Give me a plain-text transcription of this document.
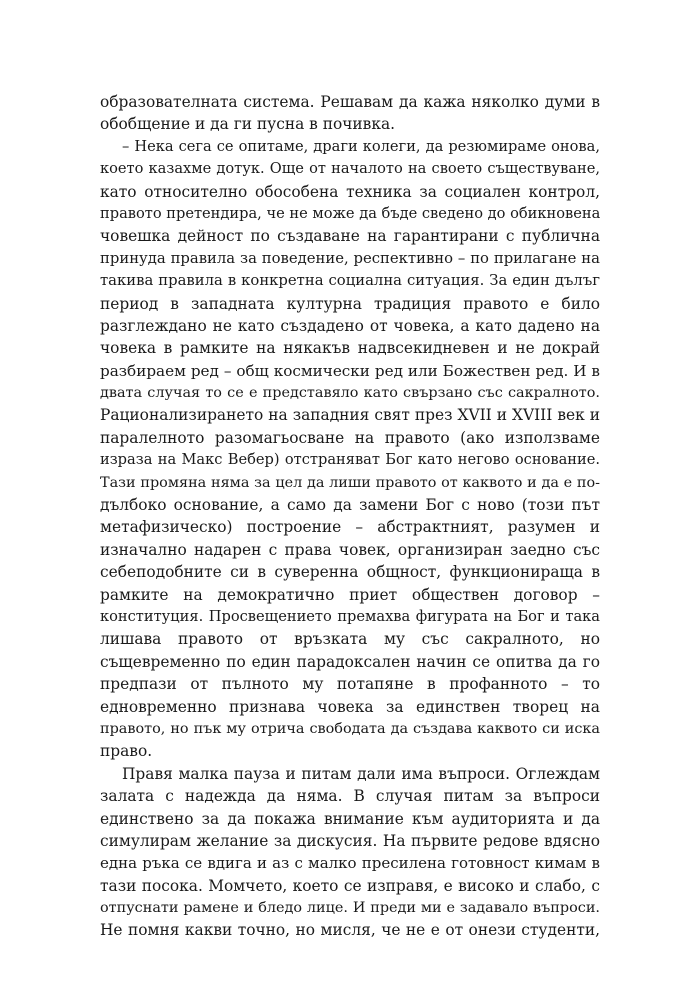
образователната система. Решавам да кажа няколко думи в
обобщение и да ги пусна в почивка.
– Нека сега се опитаме, драги колеги, да резюмираме онова,
което казахме дотук. Още от началото на своето съществуване,
като относително обособена техника за социален контрол,
правото претендира, че не може да бъде сведено до обикновена
човешка дейност по създаване на гарантирани с публична
принуда правила за поведение, респективно – по прилагане на
такива правила в конкретна социална ситуация. За един дълъг
период в западната културна традиция правото е било
разглеждано не като създадено от човека, а като дадено на
човека в рамките на някакъв надвсекидневен и не докрай
разбираем ред – общ космически ред или Божествен ред. И в
двата случая то се е представяло като свързано със сакралното.
Рационализирането на западния свят през XVII и XVIII век и
паралелното разомагьосване на правото (ако използваме
израза на Макс Вебер) отстраняват Бог като негово основание.
Тази промяна няма за цел да лиши правото от каквото и да е по-
дълбоко основание, а само да замени Бог с ново (този път
метафизическо) построение – абстрактният, разумен и
изначално надарен с права човек, организиран заедно със
себеподобните си в суверенна общност, функционираща в
рамките на демократично приет обществен договор –
конституция. Просвещението премахва фигурата на Бог и така
лишава правото от връзката му със сакралното, но
същевременно по един парадоксален начин се опитва да го
предпази от пълното му потапяне в профанното – то
едновременно признава човека за единствен творец на
правото, но пък му отрича свободата да създава каквото си иска
право.
Правя малка пауза и питам дали има въпроси. Оглеждам
залата с надежда да няма. В случая питам за въпроси
единствено за да покажа внимание към аудиторията и да
симулирам желание за дискусия. На първите редове вдясно
една ръка се вдига и аз с малко пресилена готовност кимам в
тази посока. Момчето, което се изправя, е високо и слабо, с
отпуснати рамене и бледо лице. И преди ми е задавало въпроси.
Не помня какви точно, но мисля, че не е от онези студенти,
